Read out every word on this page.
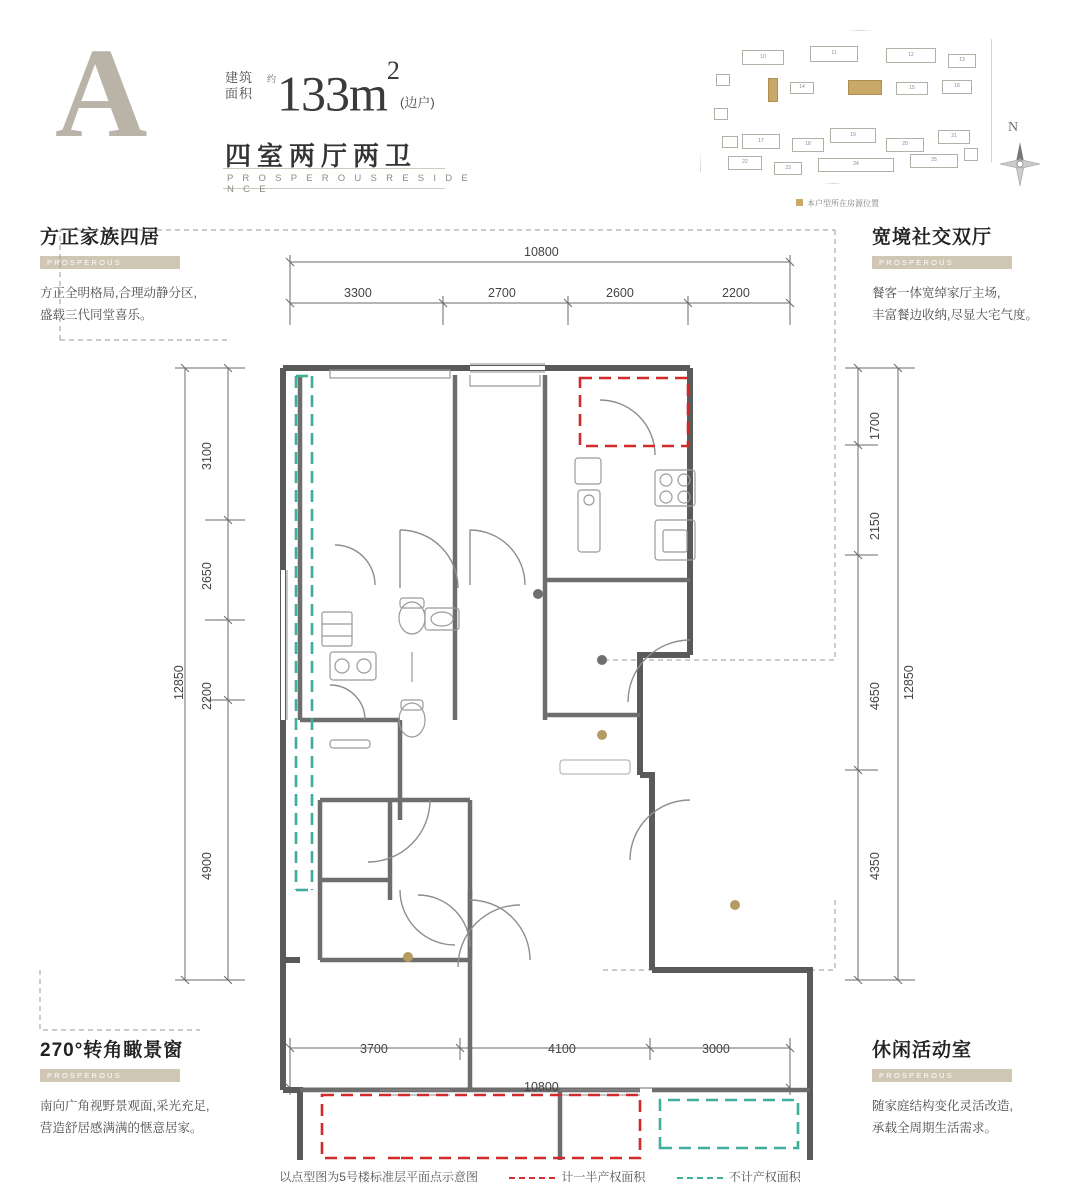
A	建筑
面积
约 $133m^2$
(边户)
四室两厅两卫
P R O S P E R O U S R E S I D E N C E
10
11	12
13
14	15	16
17
18
19
20
21
22
23
24
25
本户型所在房源位置
N
方正家族四居
PROSPEROUS RESIDENCE
方正全明格局,合理动静分区,
盛载三代同堂喜乐。
宽境社交双厅
PROSPEROUS RESIDENCE
餐客一体宽绰家厅主场,
丰富餐边收纳,尽显大宅气度。
270°转角瞰景窗
PROSPEROUS RESIDENCE
南向广角视野景观面,采光充足,
营造舒居感满满的惬意居家。
休闲活动室
PROSPEROUS RESIDENCE
随家庭结构变化灵活改造,
承载全周期生活需求。
10800
3300	2700	2600	2200
3700	4100	3000
10800
3100
2650
2200
4900
12850
1700
2150
4650
4350
12850
以点型图为5号楼标准层平面点示意图	计一半产权面积	不计产权面积
